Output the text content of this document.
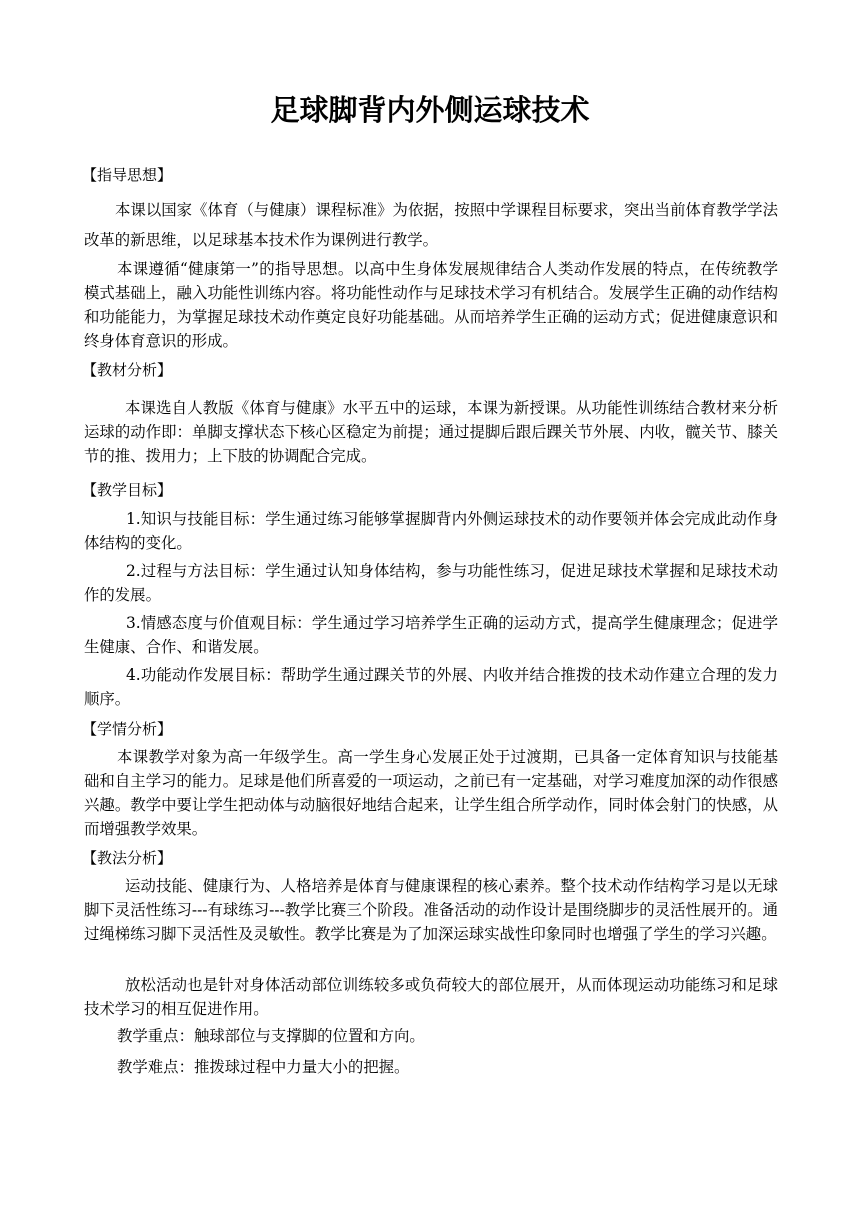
足球脚背内外侧运球技术

【指导思想】

本课以国家《体育（与健康）课程标准》为依据，按照中学课程目标要求，突出当前体育教学学法改革的新思维，以足球基本技术作为课例进行教学。

本课遵循“健康第一”的指导思想。以高中生身体发展规律结合人类动作发展的特点，在传统教学模式基础上，融入功能性训练内容。将功能性动作与足球技术学习有机结合。发展学生正确的动作结构和功能能力，为掌握足球技术动作奠定良好功能基础。从而培养学生正确的运动方式；促进健康意识和终身体育意识的形成。

【教材分析】

本课选自人教版《体育与健康》水平五中的运球，本课为新授课。从功能性训练结合教材来分析运球的动作即：单脚支撑状态下核心区稳定为前提；通过提脚后跟后踝关节外展、内收，髋关节、膝关节的推、拨用力；上下肢的协调配合完成。

【教学目标】

1.知识与技能目标：学生通过练习能够掌握脚背内外侧运球技术的动作要领并体会完成此动作身体结构的变化。

2.过程与方法目标：学生通过认知身体结构，参与功能性练习，促进足球技术掌握和足球技术动作的发展。

3.情感态度与价值观目标：学生通过学习培养学生正确的运动方式，提高学生健康理念；促进学生健康、合作、和谐发展。

4.功能动作发展目标：帮助学生通过踝关节的外展、内收并结合推拨的技术动作建立合理的发力顺序。

【学情分析】

本课教学对象为高一年级学生。高一学生身心发展正处于过渡期，已具备一定体育知识与技能基础和自主学习的能力。足球是他们所喜爱的一项运动，之前已有一定基础，对学习难度加深的动作很感兴趣。教学中要让学生把动体与动脑很好地结合起来，让学生组合所学动作，同时体会射门的快感，从而增强教学效果。

【教法分析】

运动技能、健康行为、人格培养是体育与健康课程的核心素养。整个技术动作结构学习是以无球脚下灵活性练习---有球练习---教学比赛三个阶段。准备活动的动作设计是围绕脚步的灵活性展开的。通过绳梯练习脚下灵活性及灵敏性。教学比赛是为了加深运球实战性印象同时也增强了学生的学习兴趣。

放松活动也是针对身体活动部位训练较多或负荷较大的部位展开，从而体现运动功能练习和足球技术学习的相互促进作用。

教学重点：触球部位与支撑脚的位置和方向。

教学难点：推拨球过程中力量大小的把握。
